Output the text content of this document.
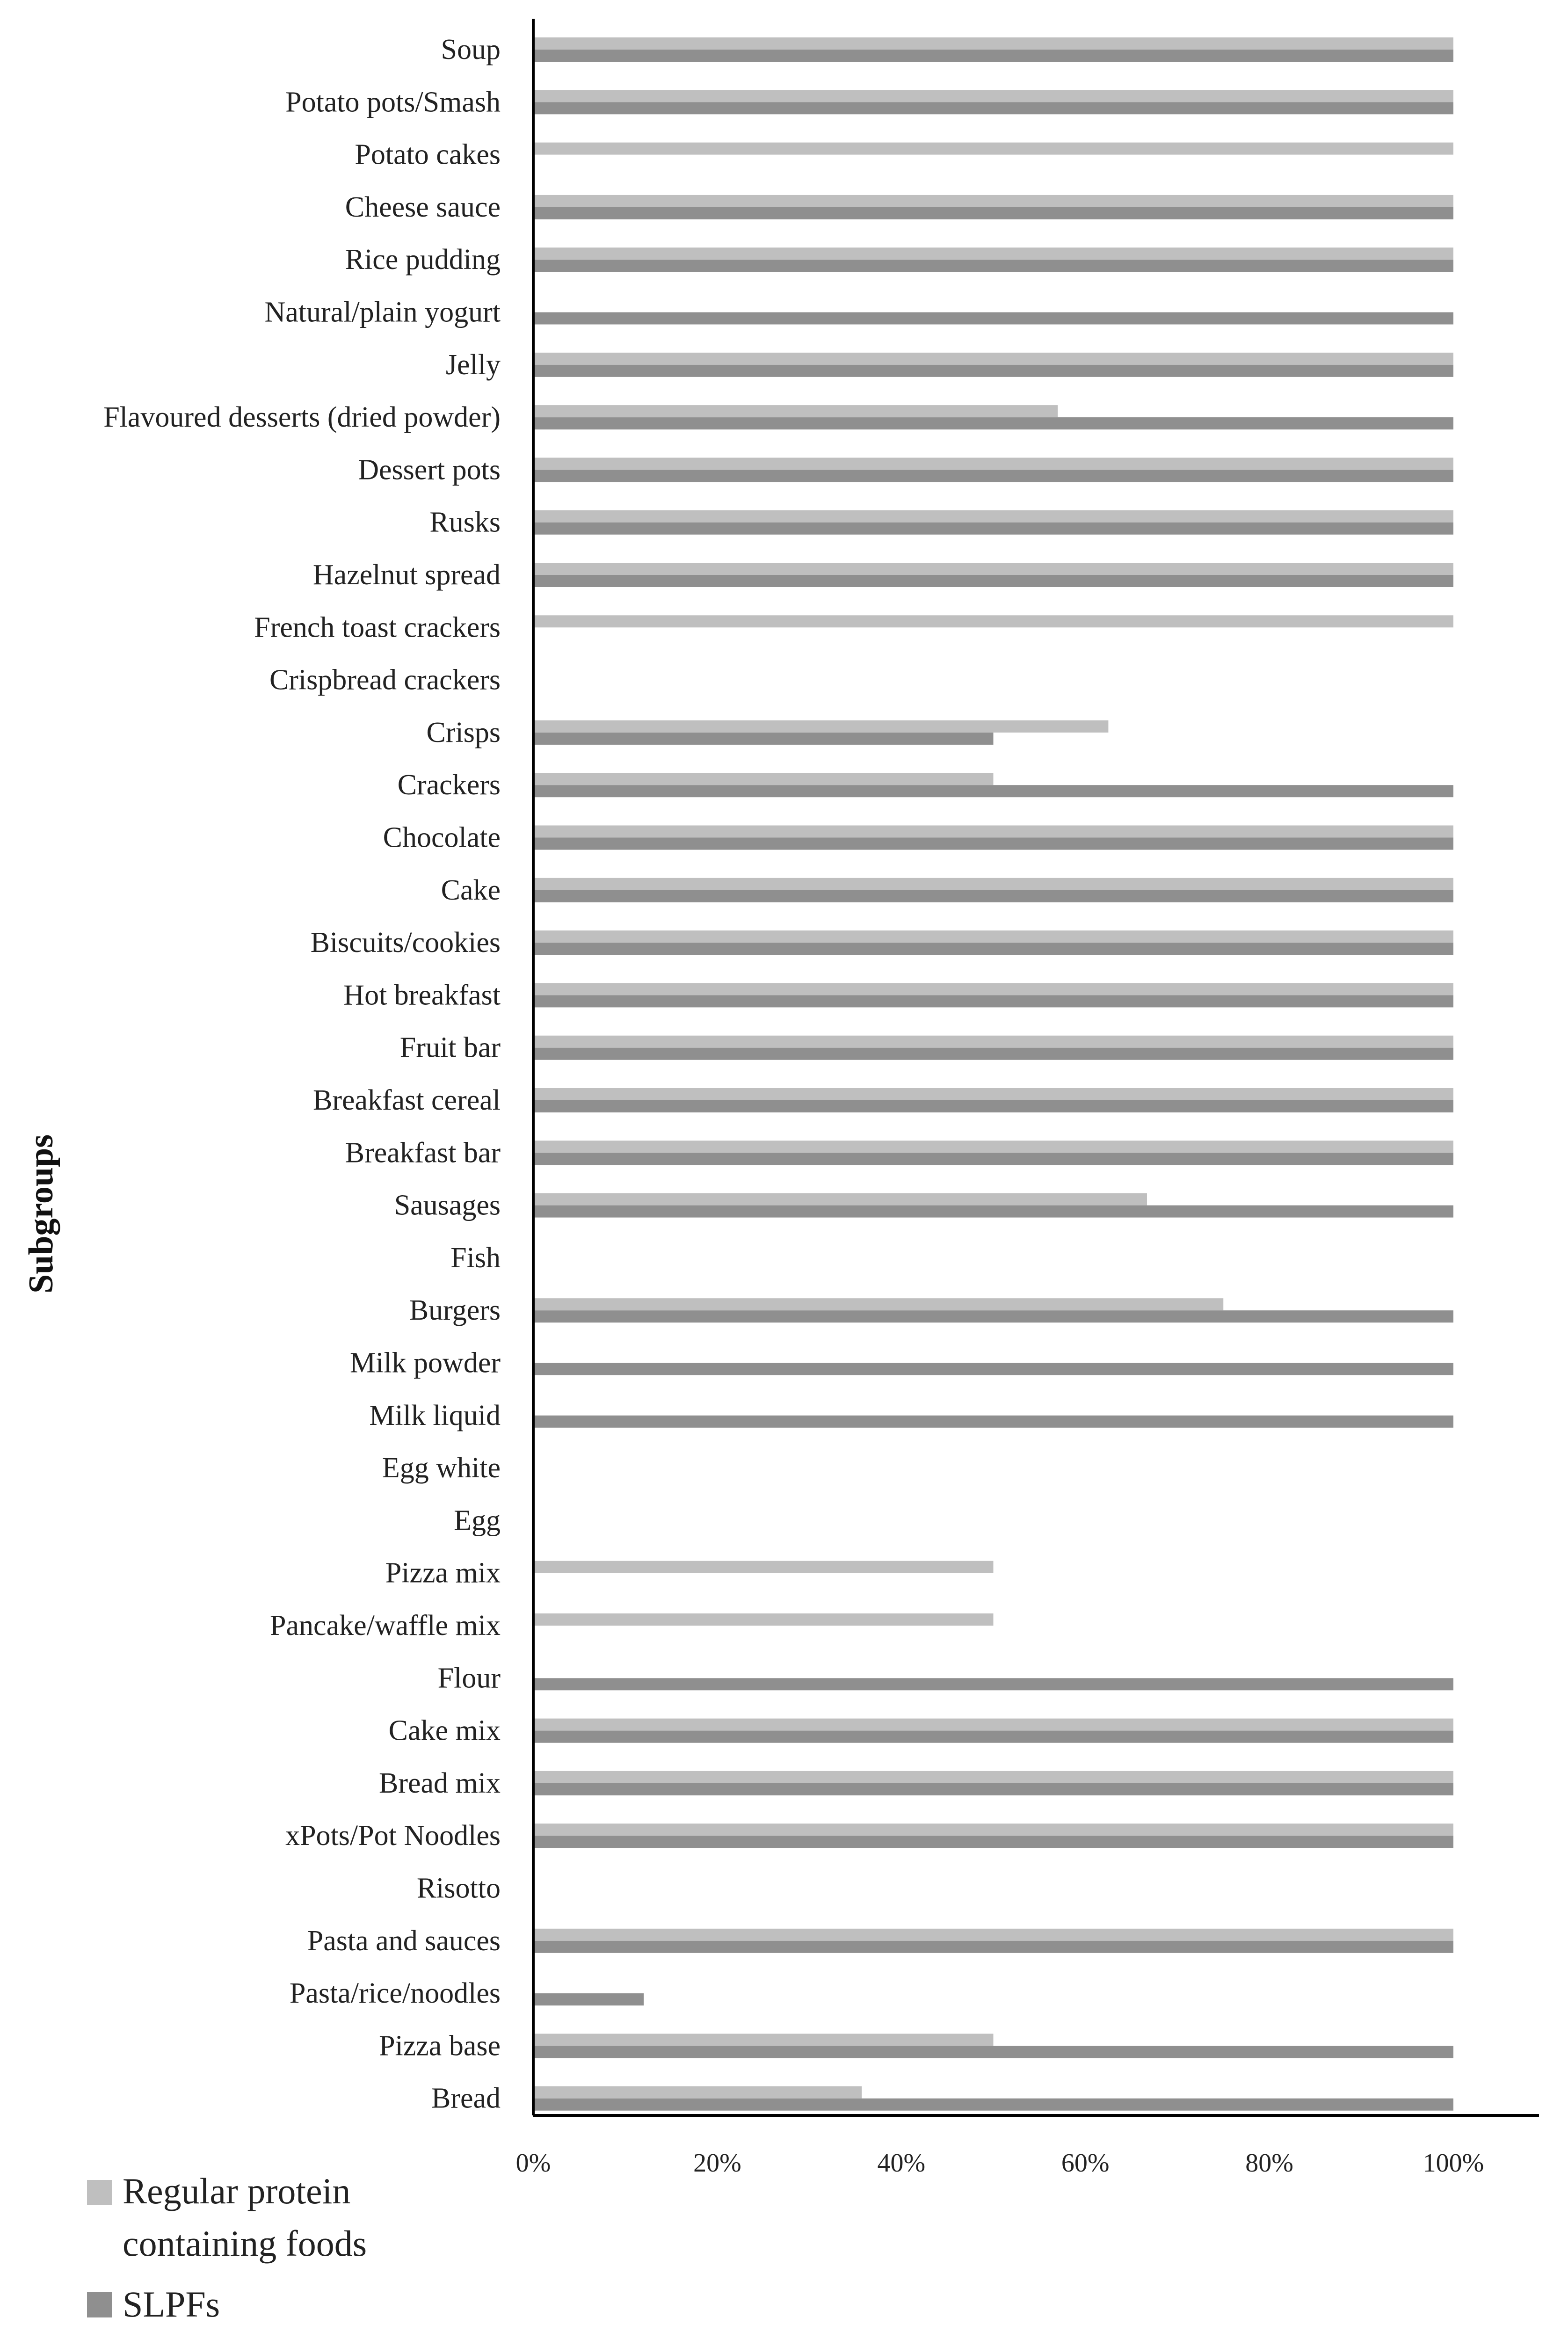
Soup
Potato pots/Smash
Potato cakes
Cheese sauce
Rice pudding
Natural/plain yogurt
Jelly
Flavoured desserts (dried powder)
Dessert pots
Rusks
Hazelnut spread
French toast crackers
Crispbread crackers
Crisps
Crackers
Chocolate
Cake
Biscuits/cookies
Hot breakfast
Fruit bar
Breakfast cereal
Breakfast bar
Sausages
Fish
Burgers
Milk powder
Milk liquid
Egg white
Egg
Pizza mix
Pancake/waffle mix
Flour
Cake mix
Bread mix
xPots/Pot Noodles
Risotto
Pasta and sauces
Pasta/rice/noodles
Pizza base
Bread
0%	20%	40%	60%	80%	100%
Subgroups
Regular protein
containing foods
SLPFs
